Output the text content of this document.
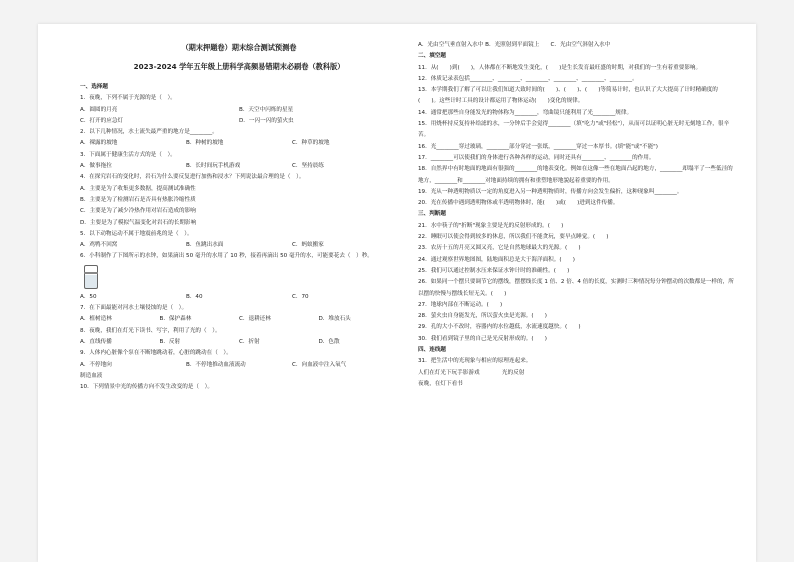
（期末押题卷）期末综合测试预测卷
2023-2024 学年五年级上册科学高频易错期末必刷卷（教科版）
一、选择题
1．夜晚，下列不属于光源的是（　）。
A．圆圆的月亮	B．天空中闪烁的星星
C．打开的应急灯	D．一闪一闪的萤火虫
2．以下几种情况，水土流失最严重的地方是________。
A．裸露的坡地	B．种树的坡地	C．种草的坡地
3．下面属于健康生活方式的是（　）。
A．做事拖拉	B．长时间玩手机游戏	C．坚持晨练
4．在探究岩石的变化时，岩石为什么要反复进行加热和浸水？下列说法最合理的是（　）。
A．主要是为了收集更多数据，提高测试准确性
B．主要是为了检测岩石是否具有热胀冷缩性质
C．主要是为了减少冷热作用对岩石造成的影响
D．主要是为了模拟气温变化对岩石的长期影响
5．以下动物运动不属于地震前兆的是（　）。
A．鸡鸭不回窝	B．鱼跳出水面	C．蚂蚁搬家
6．小科制作了下图所示的水钟，如果滴出 50 毫升的水用了 10 秒，接着再滴出 50 毫升的水，可能要花去（　）秒。
A．50	B．40	C．70
7．在下面最能对河水土壤侵蚀的是（　）。
A．植树造林	B．保护森林	C．退耕还林	D．堆放石头
8．夜晚，我们在灯光下读书、写字，利用了光的（　）。
A．直线传播	B．反射	C．折射	D．色散
9．人体内心脏像个泵在不断地跳动着，心脏的跳动在（　）。
A．不停地向	B．不停地推动血液流动	C．向血液中注入氧气
制造血液
10．下列情景中光的传播方向不发生改变的是（　）。
A．光由空气垂直射入水中 B．光照射到平面镜上　　C．光由空气斜射入水中
二、填空题
11．从(　　)到(　　)，人体都在不断地发生变化，(　　)是生长发育最旺盛的时期，对我们的一生有着重要影响。
12．体质记录表包括________、________、________、________、________、________。
13．本学期我们了解了可以让我们知道大致时间的(　　)、(　　)、(　　)等简易计时，也认识了大大提高了计时精确度的(　　)。这些计时工具的设计都运用了物体运动(　　)变化的规律。
14．通常把那些自身能发光的物体称为________，弯曲镜只能利用了光________规律。
15．用烧杯持反复持补给滤的水，一分钟后手会觉得________（填"吃力"或"轻松"），从而可以证明心脏无时无刻地工作，很辛苦。
16．光________穿过玻璃，________部分穿过一张纸，________穿过一本厚书。(填"能"或"不能")
17．________可以使我们的身体进行各种各样的运动，同时还具有________、________的作用。
18．自然界中有时地面的地面有很强的________的地表变化。例如在这像一些在地面凸起的地方，________却塌平了一些低洼的地方，________和________对地面持续的拥有和重塑地形地貌起着重要的作用。
19．光从一种透明物质以一定的角度进入另一种透明物质时，传播方向会发生偏折，这种现象叫________。
20．光在传播中遇到透明物体或半透明物体时，能(　　)或(　　)进到这件传播。
三、判断题
21．水中筷子的"折断"现象主要是光的反射形成的。(　　)
22．睡眠可以使会得到较多的休息，所以我们不能贪玩，要早点睡觉。(　　)
23．农历十五的月亮又圆又亮，它是自然地球最大的光源。(　　)
24．通过观察世界地图图，陆地面积总是大于海洋面积。(　　)
25．我们可以通过控制水压来保证水钟计时的准确性。(　　)
26．如果同一个摆只要调节它的摆线，摆摆线长度 1 倍、2 倍、4 倍的长度，实测时三种情况每分钟摆动的次数都是一样的，所以摆的快慢与摆线长短无关。(　　)
27．地球内部在不断运动。(　　)
28．萤火虫自身能发光，所以萤火虫是光源。(　　)
29．孔的大小不改时，容器内的水位越低，水流速度越快。(　　)
30．我们看到镜子里的自己是光反射形成的。(　　)
四、连线题
31．把生活中的光现象与相应的原理连起来。
人们在灯光下玩手影游戏　　　　光的反射
夜晚，在灯下看书
